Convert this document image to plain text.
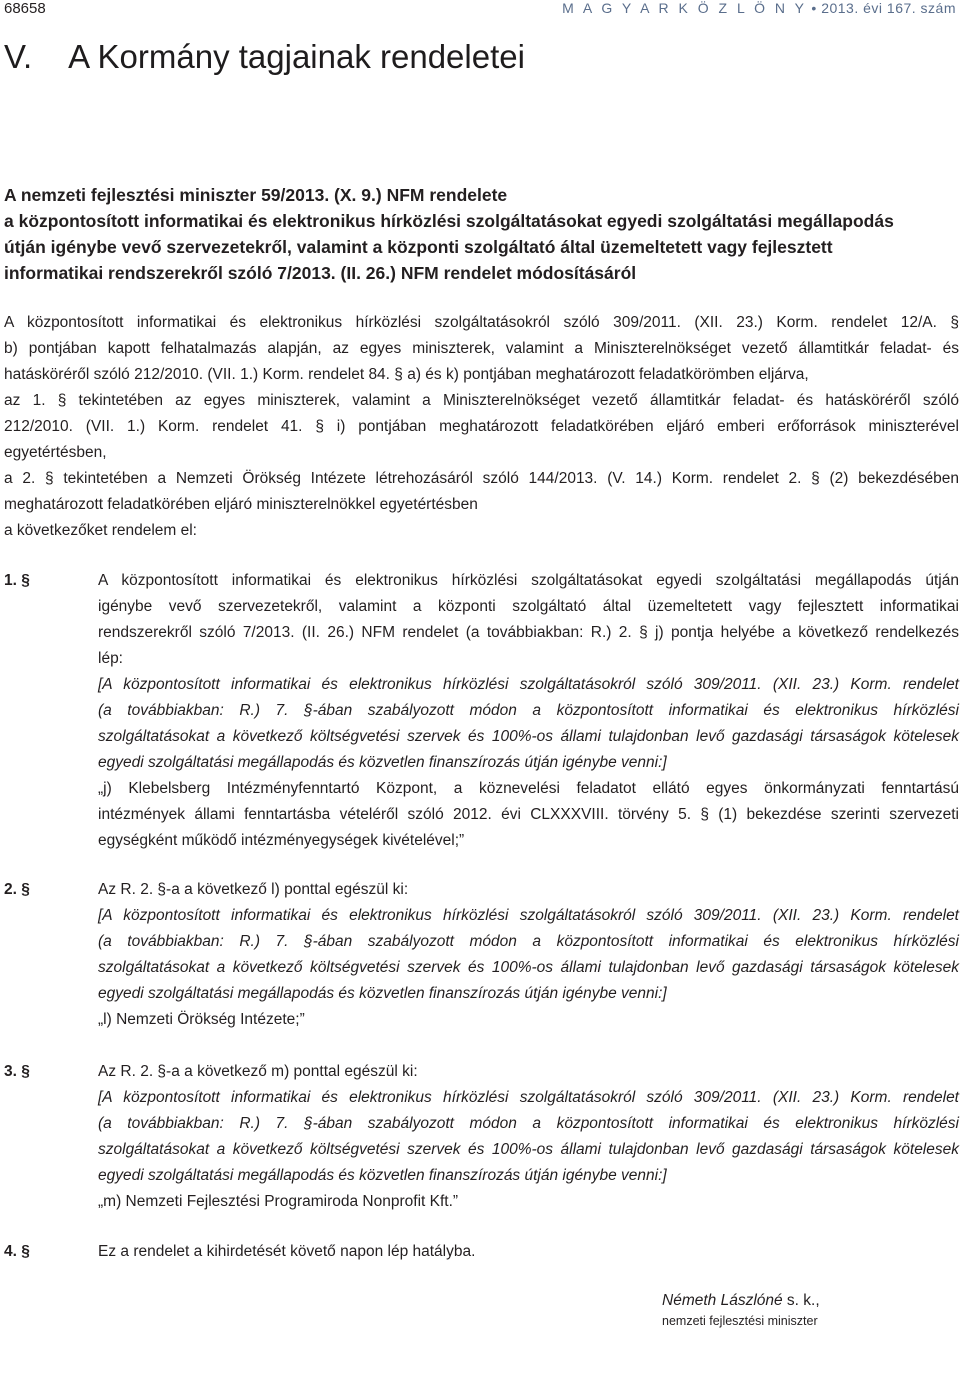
68658	M A G Y A R K Ö Z L Ö N Y • 2013. évi 167. szám
V. A Kormány tagjainak rendeletei
A nemzeti fejlesztési miniszter 59/2013. (X. 9.) NFM rendelete
a központosított informatikai és elektronikus hírközlési szolgáltatásokat egyedi szolgáltatási megállapodás
útján igénybe vevő szervezetekről, valamint a központi szolgáltató által üzemeltetett vagy fejlesztett
informatikai rendszerekről szóló 7/2013. (II. 26.) NFM rendelet módosításáról
A központosított informatikai és elektronikus hírközlési szolgáltatásokról szóló 309/2011. (XII. 23.) Korm. rendelet 12/A. §
b) pontjában kapott felhatalmazás alapján, az egyes miniszterek, valamint a Miniszterelnökséget vezető államtitkár feladat- és
hatásköréről szóló 212/2010. (VII. 1.) Korm. rendelet 84. § a) és k) pontjában meghatározott feladatkörömben eljárva,
az 1. § tekintetében az egyes miniszterek, valamint a Miniszterelnökséget vezető államtitkár feladat- és hatásköréről szóló
212/2010. (VII. 1.) Korm. rendelet 41. § i) pontjában meghatározott feladatkörében eljáró emberi erőforrások miniszterével
egyetértésben,
a 2. § tekintetében a Nemzeti Örökség Intézete létrehozásáról szóló 144/2013. (V. 14.) Korm. rendelet 2. § (2) bekezdésében
meghatározott feladatkörében eljáró miniszterelnökkel egyetértésben
a következőket rendelem el:
1. §	A központosított informatikai és elektronikus hírközlési szolgáltatásokat egyedi szolgáltatási megállapodás útján
igénybe vevő szervezetekről, valamint a központi szolgáltató által üzemeltetett vagy fejlesztett informatikai
rendszerekről szóló 7/2013. (II. 26.) NFM rendelet (a továbbiakban: R.) 2. § j) pontja helyébe a következő rendelkezés
lép:
[A központosított informatikai és elektronikus hírközlési szolgáltatásokról szóló 309/2011. (XII. 23.) Korm. rendelet
(a továbbiakban: R.) 7. §-ában szabályozott módon a központosított informatikai és elektronikus hírközlési
szolgáltatásokat a következő költségvetési szervek és 100%-os állami tulajdonban levő gazdasági társaságok kötelesek
egyedi szolgáltatási megállapodás és közvetlen finanszírozás útján igénybe venni:]
„j) Klebelsberg Intézményfenntartó Központ, a köznevelési feladatot ellátó egyes önkormányzati fenntartású
intézmények állami fenntartásba vételéről szóló 2012. évi CLXXXVIII. törvény 5. § (1) bekezdése szerinti szervezeti
egységként működő intézményegységek kivételével;”
2. §	Az R. 2. §-a a következő l) ponttal egészül ki:
[A központosított informatikai és elektronikus hírközlési szolgáltatásokról szóló 309/2011. (XII. 23.) Korm. rendelet
(a továbbiakban: R.) 7. §-ában szabályozott módon a központosított informatikai és elektronikus hírközlési
szolgáltatásokat a következő költségvetési szervek és 100%-os állami tulajdonban levő gazdasági társaságok kötelesek
egyedi szolgáltatási megállapodás és közvetlen finanszírozás útján igénybe venni:]
„l) Nemzeti Örökség Intézete;”
3. §	Az R. 2. §-a a következő m) ponttal egészül ki:
[A központosított informatikai és elektronikus hírközlési szolgáltatásokról szóló 309/2011. (XII. 23.) Korm. rendelet
(a továbbiakban: R.) 7. §-ában szabályozott módon a központosított informatikai és elektronikus hírközlési
szolgáltatásokat a következő költségvetési szervek és 100%-os állami tulajdonban levő gazdasági társaságok kötelesek
egyedi szolgáltatási megállapodás és közvetlen finanszírozás útján igénybe venni:]
„m) Nemzeti Fejlesztési Programiroda Nonprofit Kft.”
4. §	Ez a rendelet a kihirdetését követő napon lép hatályba.
Németh Lászlóné s. k.,
nemzeti fejlesztési miniszter
